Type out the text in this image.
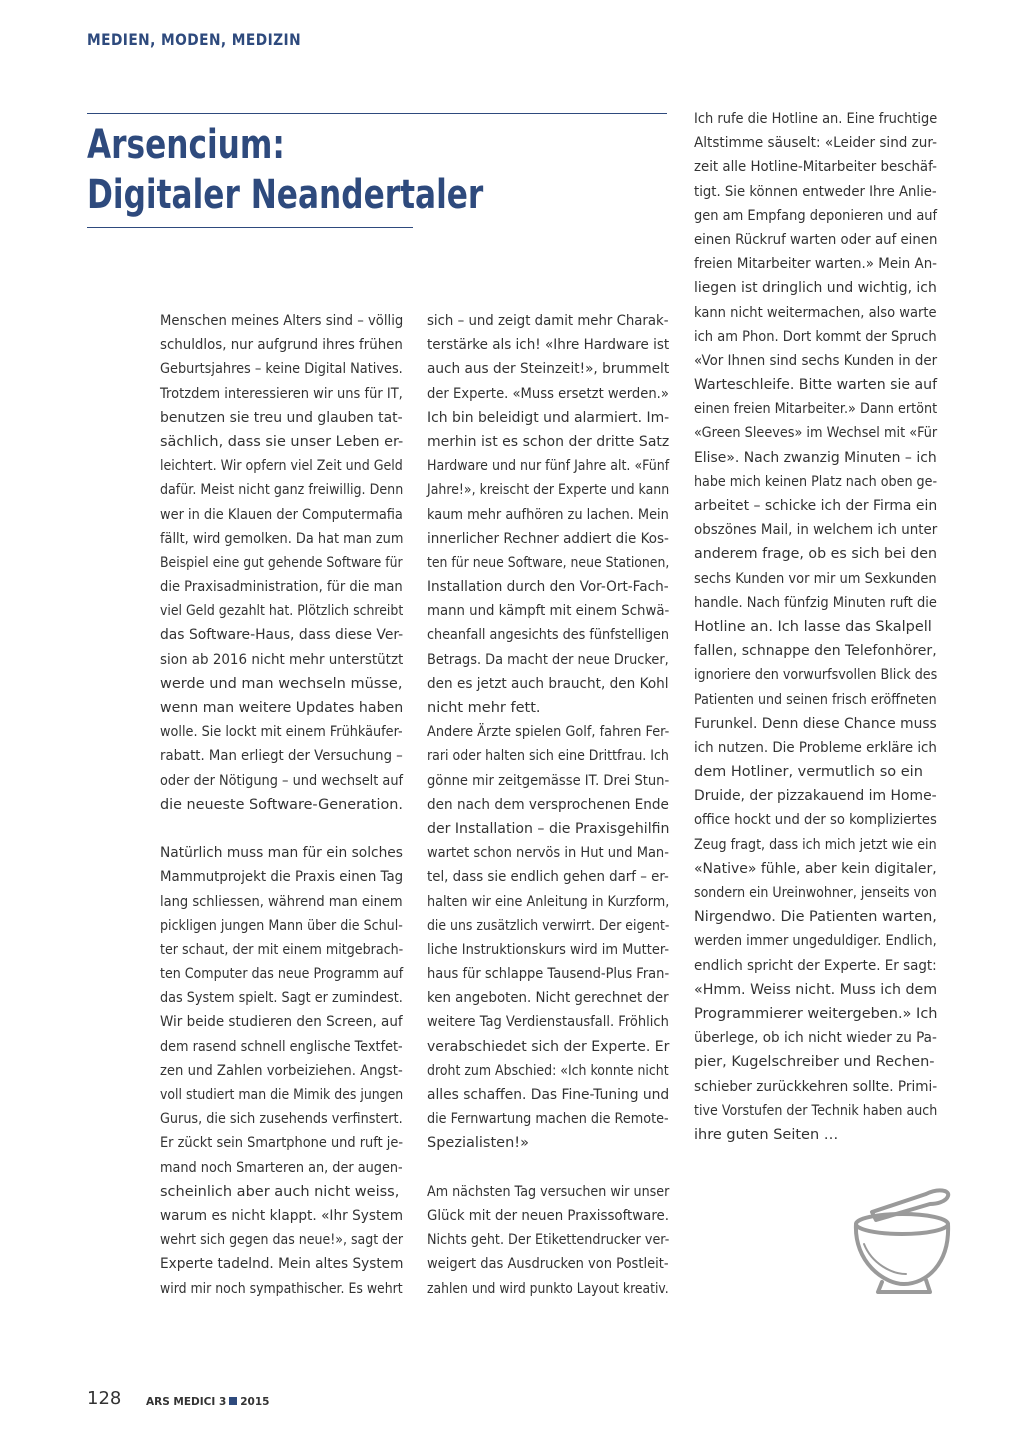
MEDIEN, MODEN, MEDIZIN
Arsencium:
Digitaler Neandertaler
Menschen meines Alters sind – völlig
schuldlos, nur aufgrund ihres frühen
Geburtsjahres – keine Digital Natives.
Trotzdem interessieren wir uns für IT,
benutzen sie treu und glauben tat-
sächlich, dass sie unser Leben er-
leichtert. Wir opfern viel Zeit und Geld
dafür. Meist nicht ganz freiwillig. Denn
wer in die Klauen der Computermafia
fällt, wird gemolken. Da hat man zum
Beispiel eine gut gehende Software für
die Praxisadministration, für die man
viel Geld gezahlt hat. Plötzlich schreibt
das Software-Haus, dass diese Ver-
sion ab 2016 nicht mehr unterstützt
werde und man wechseln müsse,
wenn man weitere Updates haben
wolle. Sie lockt mit einem Frühkäufer-
rabatt. Man erliegt der Versuchung –
oder der Nötigung – und wechselt auf
die neueste Software-Generation.
Natürlich muss man für ein solches
Mammutprojekt die Praxis einen Tag
lang schliessen, während man einem
pickligen jungen Mann über die Schul-
ter schaut, der mit einem mitgebrach-
ten Computer das neue Programm auf
das System spielt. Sagt er zumindest.
Wir beide studieren den Screen, auf
dem rasend schnell englische Textfet-
zen und Zahlen vorbeiziehen. Angst-
voll studiert man die Mimik des jungen
Gurus, die sich zusehends verfinstert.
Er zückt sein Smartphone und ruft je-
mand noch Smarteren an, der augen-
scheinlich aber auch nicht weiss,
warum es nicht klappt. «Ihr System
wehrt sich gegen das neue!», sagt der
Experte tadelnd. Mein altes System
wird mir noch sympathischer. Es wehrt
sich – und zeigt damit mehr Charak-
terstärke als ich! «Ihre Hardware ist
auch aus der Steinzeit!», brummelt
der Experte. «Muss ersetzt werden.»
Ich bin beleidigt und alarmiert. Im-
merhin ist es schon der dritte Satz
Hardware und nur fünf Jahre alt. «Fünf
Jahre!», kreischt der Experte und kann
kaum mehr aufhören zu lachen. Mein
innerlicher Rechner addiert die Kos-
ten für neue Software, neue Stationen,
Installation durch den Vor-Ort-Fach-
mann und kämpft mit einem Schwä-
cheanfall angesichts des fünfstelligen
Betrags. Da macht der neue Drucker,
den es jetzt auch braucht, den Kohl
nicht mehr fett.
Andere Ärzte spielen Golf, fahren Fer-
rari oder halten sich eine Drittfrau. Ich
gönne mir zeitgemässe IT. Drei Stun-
den nach dem versprochenen Ende
der Installation – die Praxisgehilfin
wartet schon nervös in Hut und Man-
tel, dass sie endlich gehen darf – er-
halten wir eine Anleitung in Kurzform,
die uns zusätzlich verwirrt. Der eigent-
liche Instruktionskurs wird im Mutter-
haus für schlappe Tausend-Plus Fran-
ken angeboten. Nicht gerechnet der
weitere Tag Verdienstausfall. Fröhlich
verabschiedet sich der Experte. Er
droht zum Abschied: «Ich konnte nicht
alles schaffen. Das Fine-Tuning und
die Fernwartung machen die Remote-
Spezialisten!»
Am nächsten Tag versuchen wir unser
Glück mit der neuen Praxissoftware.
Nichts geht. Der Etikettendrucker ver-
weigert das Ausdrucken von Postleit-
zahlen und wird punkto Layout kreativ.
Ich rufe die Hotline an. Eine fruchtige
Altstimme säuselt: «Leider sind zur-
zeit alle Hotline-Mitarbeiter beschäf-
tigt. Sie können entweder Ihre Anlie-
gen am Empfang deponieren und auf
einen Rückruf warten oder auf einen
freien Mitarbeiter warten.» Mein An-
liegen ist dringlich und wichtig, ich
kann nicht weitermachen, also warte
ich am Phon. Dort kommt der Spruch
«Vor Ihnen sind sechs Kunden in der
Warteschleife. Bitte warten sie auf
einen freien Mitarbeiter.» Dann ertönt
«Green Sleeves» im Wechsel mit «Für
Elise». Nach zwanzig Minuten – ich
habe mich keinen Platz nach oben ge-
arbeitet – schicke ich der Firma ein
obszönes Mail, in welchem ich unter
anderem frage, ob es sich bei den
sechs Kunden vor mir um Sexkunden
handle. Nach fünfzig Minuten ruft die
Hotline an. Ich lasse das Skalpell
fallen, schnappe den Telefonhörer,
ignoriere den vorwurfsvollen Blick des
Patienten und seinen frisch eröffneten
Furunkel. Denn diese Chance muss
ich nutzen. Die Probleme erkläre ich
dem Hotliner, vermutlich so ein
Druide, der pizzakauend im Home-
office hockt und der so kompliziertes
Zeug fragt, dass ich mich jetzt wie ein
«Native» fühle, aber kein digitaler,
sondern ein Ureinwohner, jenseits von
Nirgendwo. Die Patienten warten,
werden immer ungeduldiger. Endlich,
endlich spricht der Experte. Er sagt:
«Hmm. Weiss nicht. Muss ich dem
Programmierer weitergeben.» Ich
überlege, ob ich nicht wieder zu Pa-
pier, Kugelschreiber und Rechen-
schieber zurückkehren sollte. Primi-
tive Vorstufen der Technik haben auch
ihre guten Seiten …
128 ARS MEDICI 3 2015
